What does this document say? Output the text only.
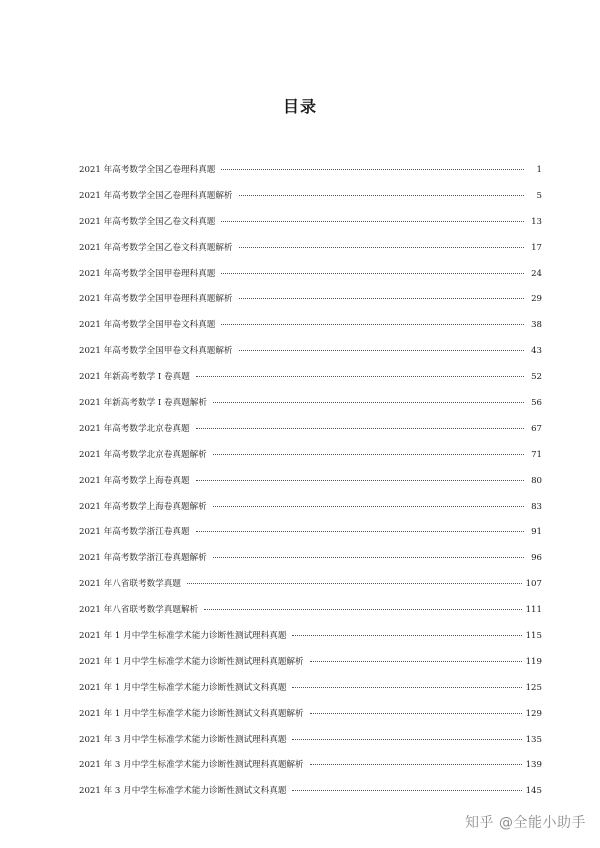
目录
2021 年高考数学全国乙卷理科真题	1
2021 年高考数学全国乙卷理科真题解析	5
2021 年高考数学全国乙卷文科真题	13
2021 年高考数学全国乙卷文科真题解析	17
2021 年高考数学全国甲卷理科真题	24
2021 年高考数学全国甲卷理科真题解析	29
2021 年高考数学全国甲卷文科真题	38
2021 年高考数学全国甲卷文科真题解析	43
2021 年新高考数学 I 卷真题	52
2021 年新高考数学 I 卷真题解析	56
2021 年高考数学北京卷真题	67
2021 年高考数学北京卷真题解析	71
2021 年高考数学上海卷真题	80
2021 年高考数学上海卷真题解析	83
2021 年高考数学浙江卷真题	91
2021 年高考数学浙江卷真题解析	96
2021 年八省联考数学真题	107
2021 年八省联考数学真题解析	111
2021 年 1 月中学生标准学术能力诊断性测试理科真题	115
2021 年 1 月中学生标准学术能力诊断性测试理科真题解析	119
2021 年 1 月中学生标准学术能力诊断性测试文科真题	125
2021 年 1 月中学生标准学术能力诊断性测试文科真题解析	129
2021 年 3 月中学生标准学术能力诊断性测试理科真题	135
2021 年 3 月中学生标准学术能力诊断性测试理科真题解析	139
2021 年 3 月中学生标准学术能力诊断性测试文科真题	145
知乎 @全能小助手
